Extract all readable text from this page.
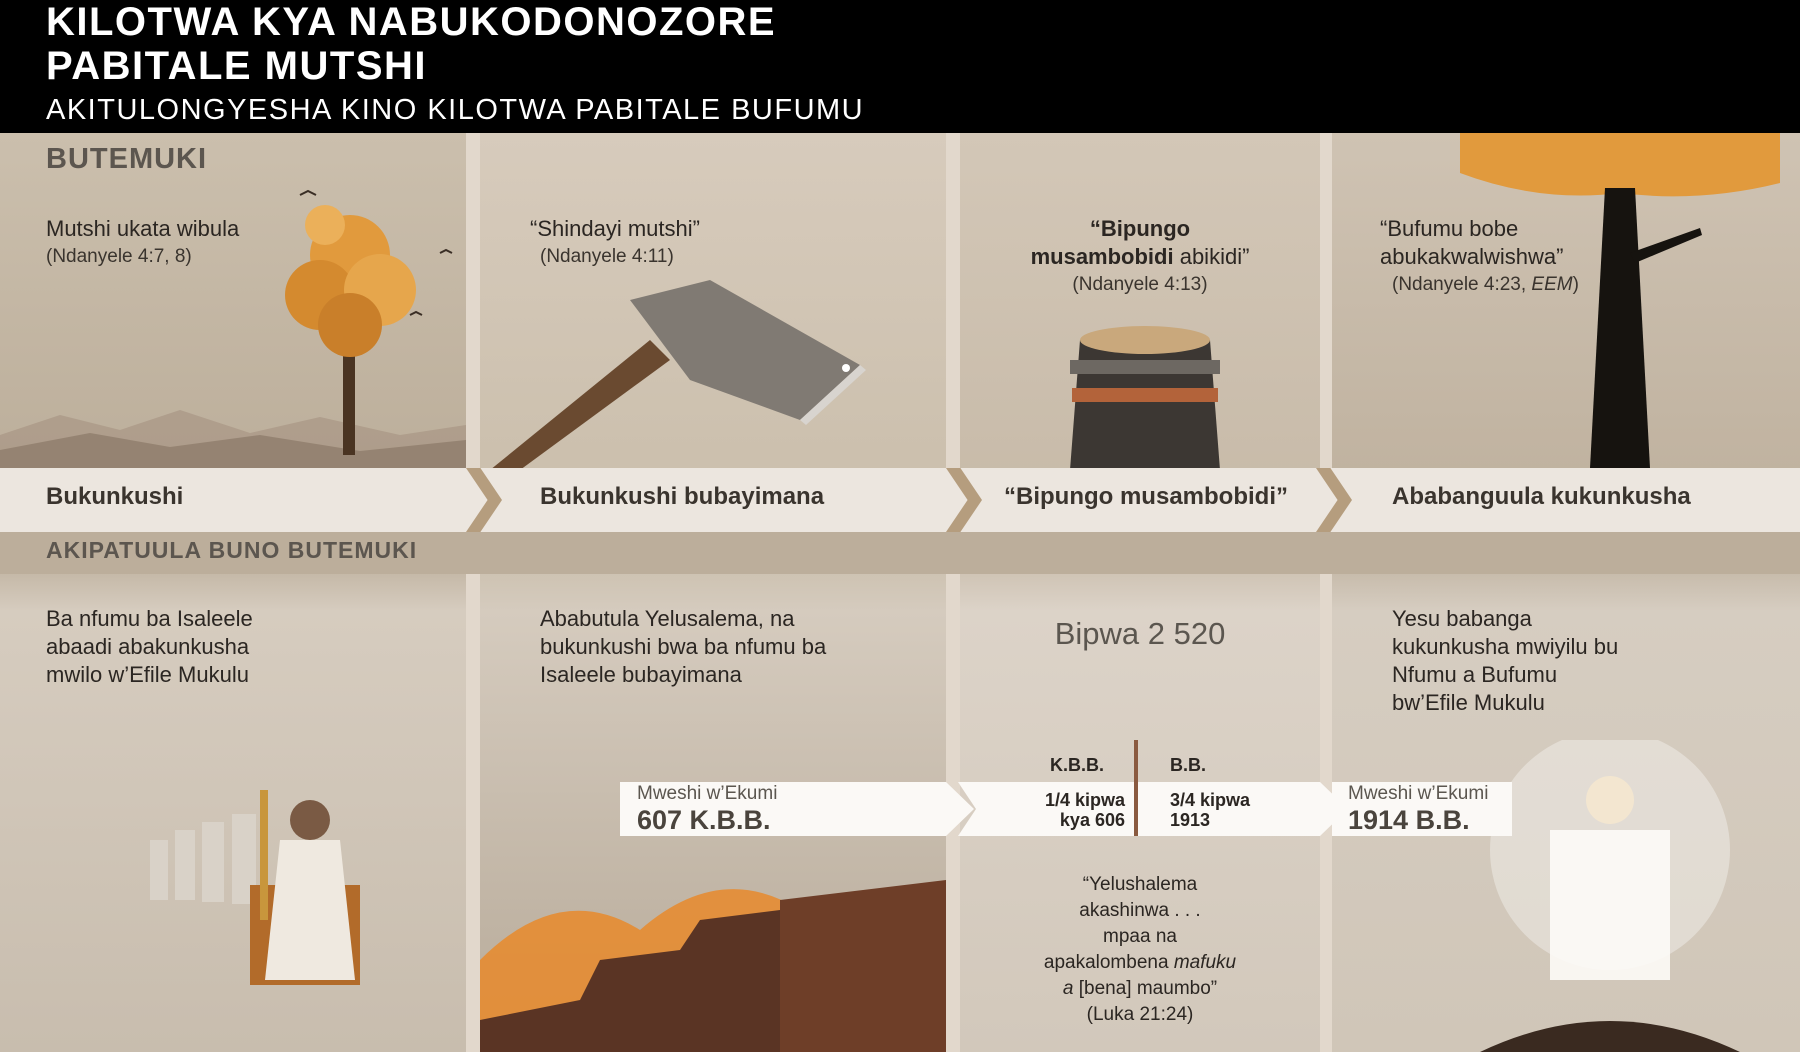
KILOTWA KYA NABUKODONOZORE
PABITALE MUTSHI
AKITULONGYESHA KINO KILOTWA PABITALE BUFUMU
BUTEMUKI
Mutshi ukata wibula
(Ndanyele 4:7, 8)
“Shindayi mutshi”
(Ndanyele 4:11)
“Bipungo
musambobidi abikidi”
(Ndanyele 4:13)
“Bufumu bobe
abukakwalwishwa”
(Ndanyele 4:23, EEM)
Bukunkushi	Bukunkushi bubayimana	“Bipungo musambobidi”	Ababanguula kukunkusha
AKIPATUULA BUNO BUTEMUKI
Ba nfumu ba Isaleele
abaadi abakunkusha
mwilo w’Efile Mukulu
Ababutula Yelusalema, na
bukunkushi bwa ba nfumu ba
Isaleele bubayimana
Bipwa 2 520	Yesu babanga
kukunkusha mwiyilu bu
Nfumu a Bufumu
bw’Efile Mukulu
Mweshi w’Ekumi
607 K.B.B.
K.B.B.	B.B.
1/4 kipwa
kya 606
3/4 kipwa
1913
Mweshi w’Ekumi
1914 B.B.
“Yelushalema
akashinwa . . .
mpaa na
apakalombena mafuku
a [bena] maumbo”
(Luka 21:24)
